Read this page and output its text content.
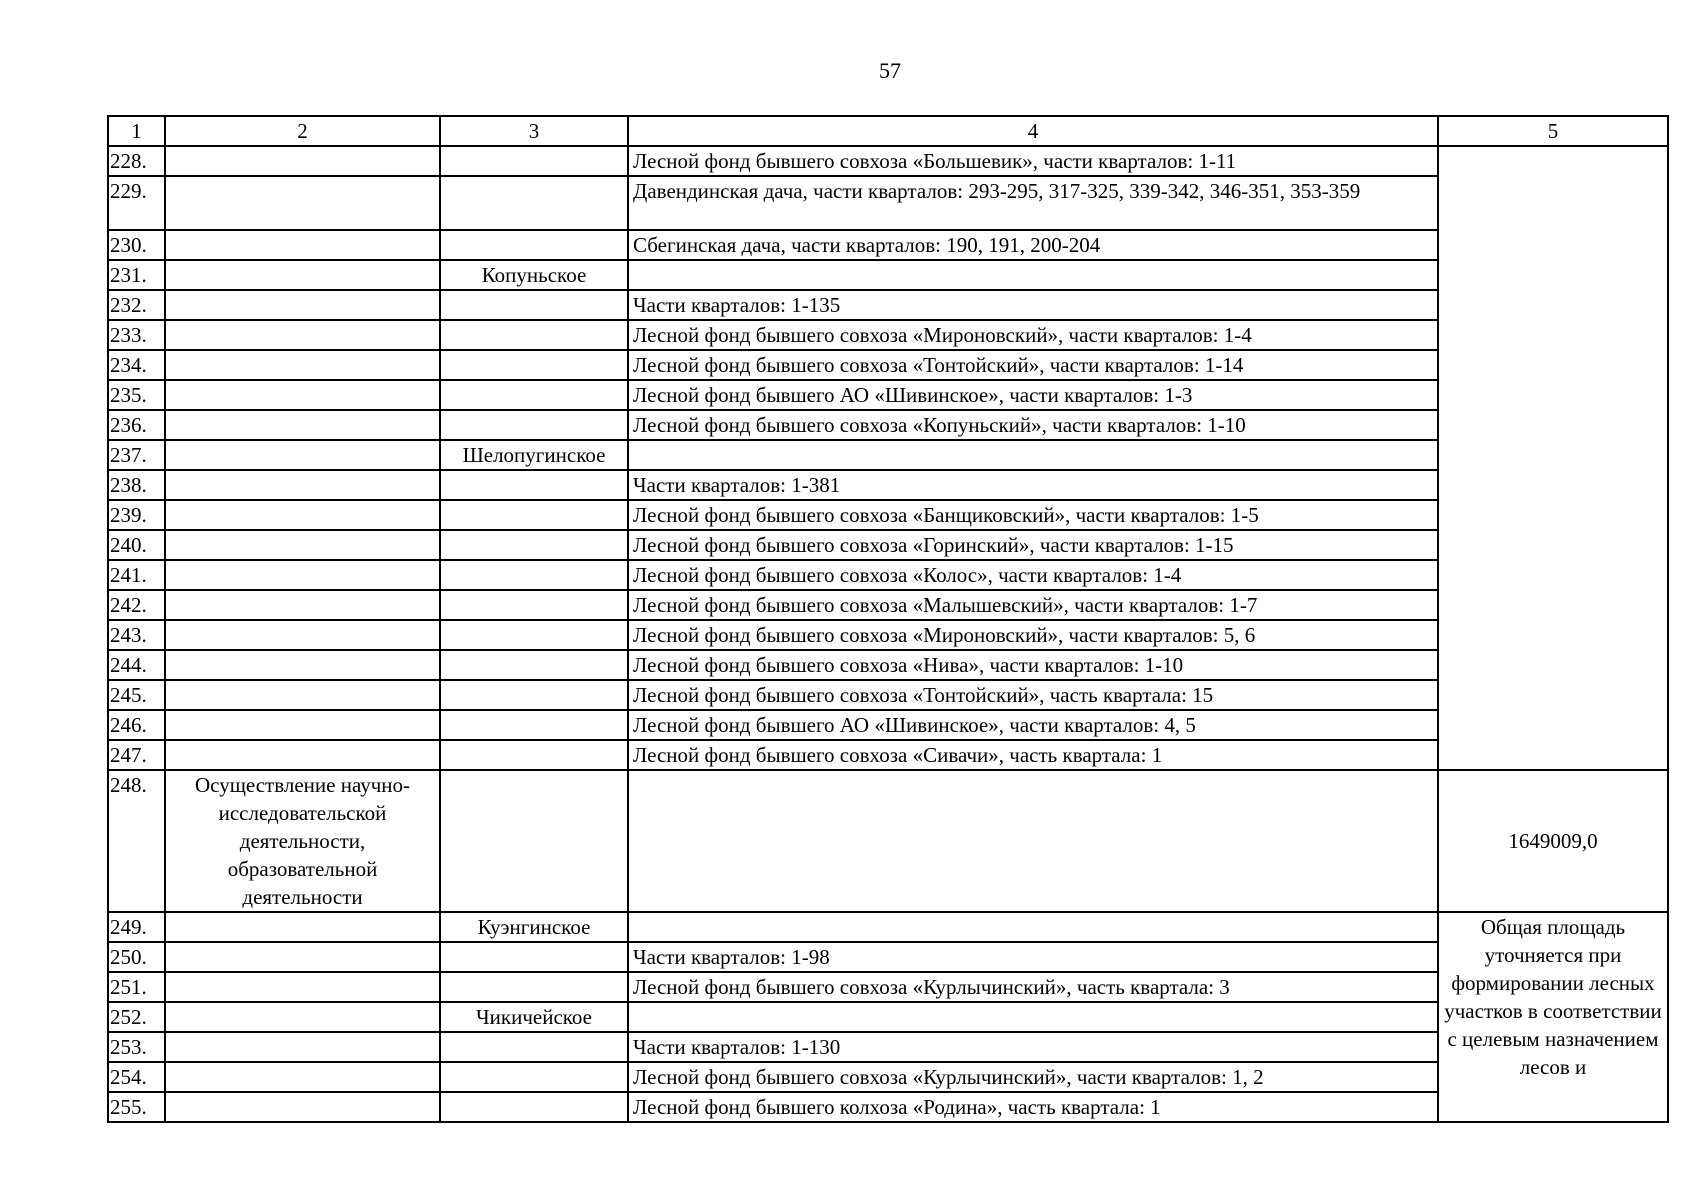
57
1	2	3	4	5
228.			Лесной фонд бывшего совхоза «Большевик», части кварталов: 1-11	
229.			Давендинская дача, части кварталов: 293-295, 317-325, 339-342, 346-351, 353-359	
230.			Сбегинская дача, части кварталов: 190, 191, 200-204	
231.		Копуньское		
232.			Части кварталов: 1-135	
233.			Лесной фонд бывшего совхоза «Мироновский», части кварталов: 1-4	
234.			Лесной фонд бывшего совхоза «Тонтойский», части кварталов: 1-14	
235.			Лесной фонд бывшего АО «Шивинское», части кварталов: 1-3	
236.			Лесной фонд бывшего совхоза «Копуньский», части кварталов: 1-10	
237.		Шелопугинское		
238.			Части кварталов: 1-381	
239.			Лесной фонд бывшего совхоза «Банщиковский», части кварталов: 1-5	
240.			Лесной фонд бывшего совхоза «Горинский», части кварталов: 1-15	
241.			Лесной фонд бывшего совхоза «Колос», части кварталов: 1-4	
242.			Лесной фонд бывшего совхоза «Малышевский», части кварталов: 1-7	
243.			Лесной фонд бывшего совхоза «Мироновский», части кварталов: 5, 6	
244.			Лесной фонд бывшего совхоза «Нива», части кварталов: 1-10	
245.			Лесной фонд бывшего совхоза «Тонтойский», часть квартала: 15	
246.			Лесной фонд бывшего АО «Шивинское», части кварталов: 4, 5	
247.			Лесной фонд бывшего совхоза «Сивачи», часть квартала: 1	
248.	Осуществление научно-исследовательской деятельности, образовательной деятельности			1649009,0
249.		Куэнгинское		Общая площадь уточняется при формировании лесных участков в соответствии с целевым назначением лесов и
250.			Части кварталов: 1-98	
251.			Лесной фонд бывшего совхоза «Курлычинский», часть квартала: 3	
252.		Чикичейское		
253.			Части кварталов: 1-130	
254.			Лесной фонд бывшего совхоза «Курлычинский», части кварталов: 1, 2	
255.			Лесной фонд бывшего колхоза «Родина», часть квартала: 1	
